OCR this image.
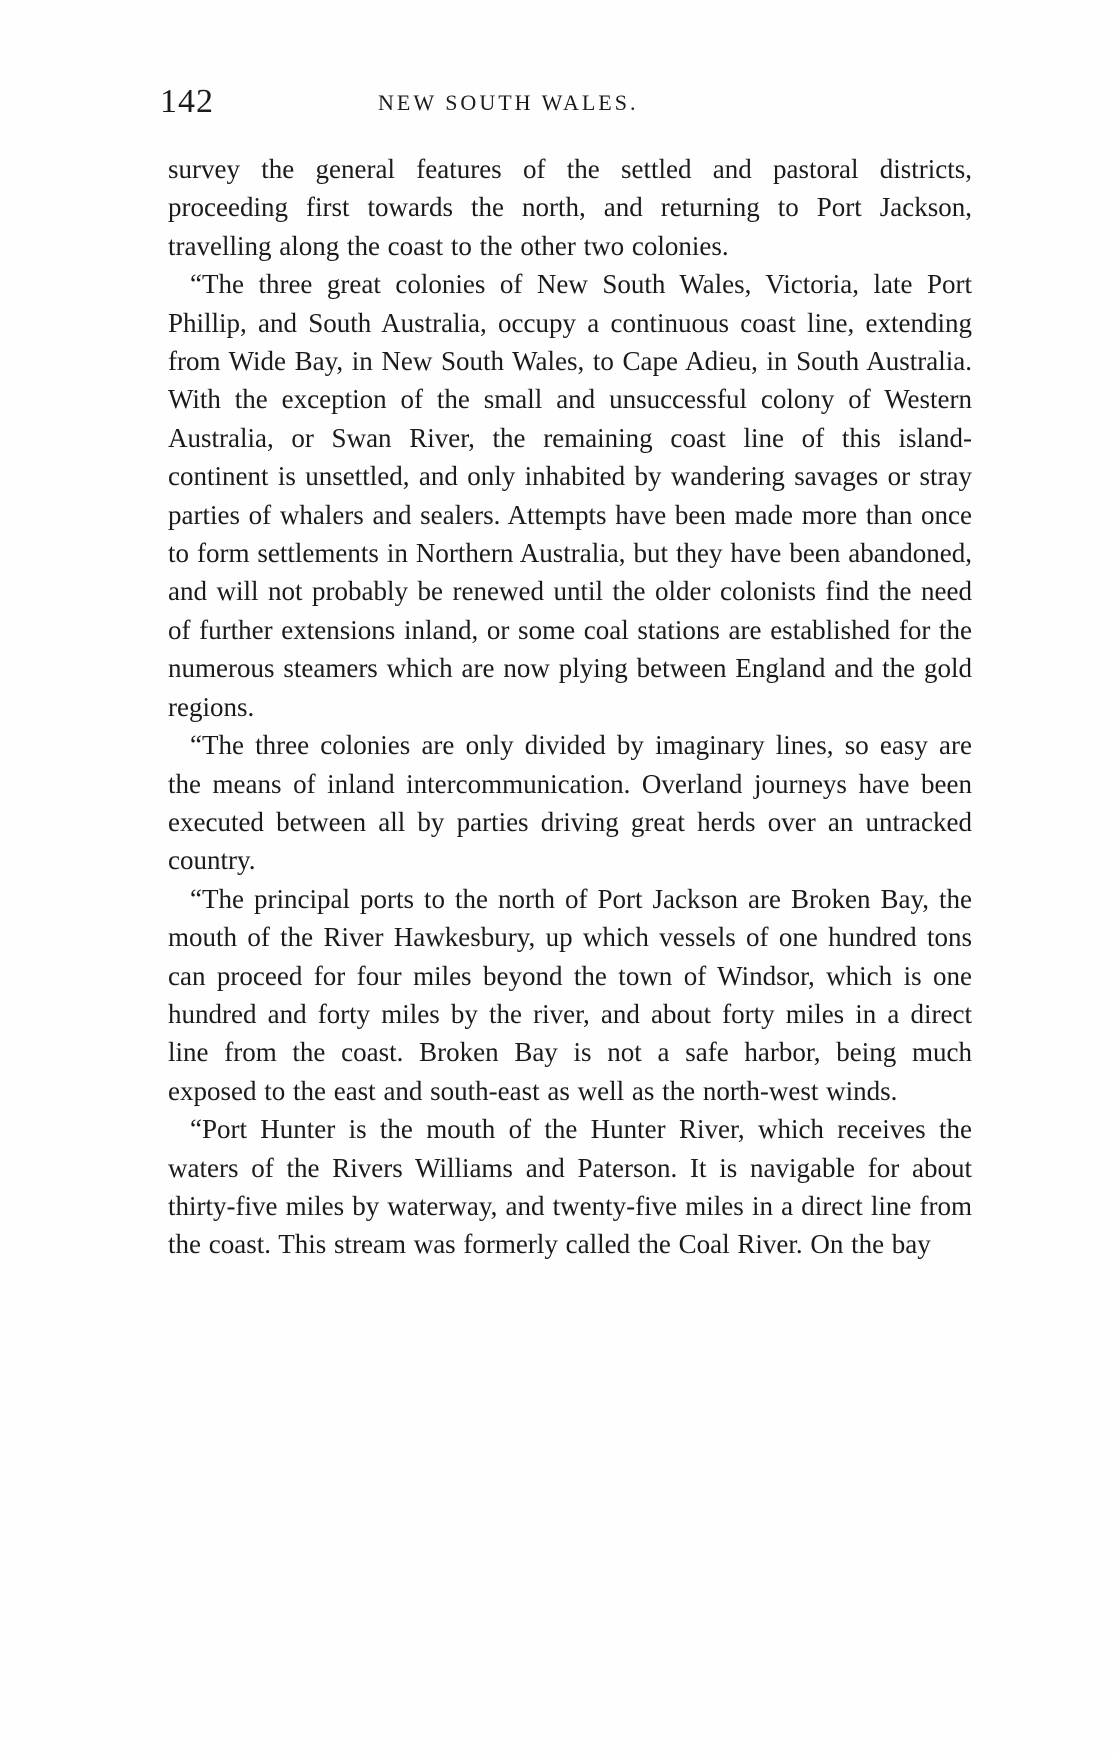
142	NEW SOUTH WALES.

survey the general features of the settled and pastoral districts, proceeding first towards the north, and returning to Port Jackson, travelling along the coast to the other two colonies.

“The three great colonies of New South Wales, Victoria, late Port Phillip, and South Australia, occupy a continuous coast line, extending from Wide Bay, in New South Wales, to Cape Adieu, in South Australia. With the exception of the small and unsuccessful colony of Western Australia, or Swan River, the remaining coast line of this island-continent is unsettled, and only inhabited by wandering savages or stray parties of whalers and sealers. Attempts have been made more than once to form settlements in Northern Australia, but they have been abandoned, and will not probably be renewed until the older colonists find the need of further extensions inland, or some coal stations are established for the numerous steamers which are now plying between England and the gold regions.

“The three colonies are only divided by imaginary lines, so easy are the means of inland intercommunication. Overland journeys have been executed between all by parties driving great herds over an untracked country.

“The principal ports to the north of Port Jackson are Broken Bay, the mouth of the River Hawkesbury, up which vessels of one hundred tons can proceed for four miles beyond the town of Windsor, which is one hundred and forty miles by the river, and about forty miles in a direct line from the coast. Broken Bay is not a safe harbor, being much exposed to the east and south-east as well as the north-west winds.

“Port Hunter is the mouth of the Hunter River, which receives the waters of the Rivers Williams and Paterson. It is navigable for about thirty-five miles by waterway, and twenty-five miles in a direct line from the coast. This stream was formerly called the Coal River. On the bay
